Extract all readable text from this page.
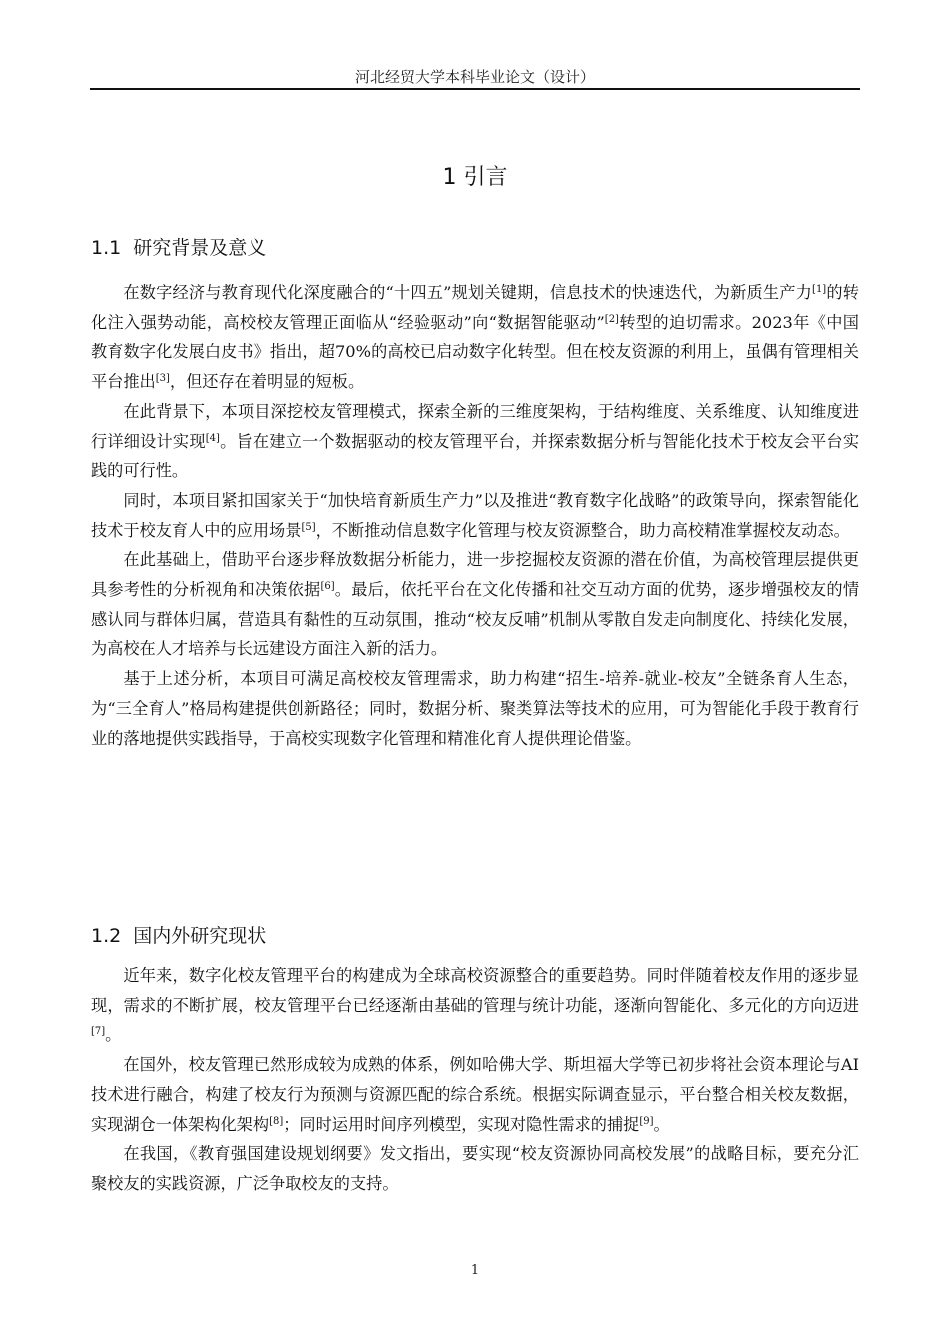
河北经贸大学本科毕业论文（设计）
1 引言
1.1 研究背景及意义

在数字经济与教育现代化深度融合的“十四五”规划关键期，信息技术的快速迭代，为新质生产力[1]的转化注入强势动能，高校校友管理正面临从“经验驱动”向“数据智能驱动”[2]转型的迫切需求。2023年《中国教育数字化发展白皮书》指出，超70%的高校已启动数字化转型。但在校友资源的利用上，虽偶有管理相关平台推出[3]，但还存在着明显的短板。

在此背景下，本项目深挖校友管理模式，探索全新的三维度架构，于结构维度、关系维度、认知维度进行详细设计实现[4]。旨在建立一个数据驱动的校友管理平台，并探索数据分析与智能化技术于校友会平台实践的可行性。

同时，本项目紧扣国家关于“加快培育新质生产力”以及推进“教育数字化战略”的政策导向，探索智能化技术于校友育人中的应用场景[5]，不断推动信息数字化管理与校友资源整合，助力高校精准掌握校友动态。

在此基础上，借助平台逐步释放数据分析能力，进一步挖掘校友资源的潜在价值，为高校管理层提供更具参考性的分析视角和决策依据[6]。最后，依托平台在文化传播和社交互动方面的优势，逐步增强校友的情感认同与群体归属，营造具有黏性的互动氛围，推动“校友反哺”机制从零散自发走向制度化、持续化发展，为高校在人才培养与长远建设方面注入新的活力。

基于上述分析，本项目可满足高校校友管理需求，助力构建“招生-培养-就业-校友”全链条育人生态，为“三全育人”格局构建提供创新路径；同时，数据分析、聚类算法等技术的应用，可为智能化手段于教育行业的落地提供实践指导，于高校实现数字化管理和精准化育人提供理论借鉴。

1.2 国内外研究现状

近年来，数字化校友管理平台的构建成为全球高校资源整合的重要趋势。同时伴随着校友作用的逐步显现，需求的不断扩展，校友管理平台已经逐渐由基础的管理与统计功能，逐渐向智能化、多元化的方向迈进[7]。

在国外，校友管理已然形成较为成熟的体系，例如哈佛大学、斯坦福大学等已初步将社会资本理论与AI技术进行融合，构建了校友行为预测与资源匹配的综合系统。根据实际调查显示，平台整合相关校友数据，实现湖仓一体架构化架构[8]；同时运用时间序列模型，实现对隐性需求的捕捉[9]。

在我国，《教育强国建设规划纲要》发文指出，要实现“校友资源协同高校发展”的战略目标，要充分汇聚校友的实践资源，广泛争取校友的支持。

1
